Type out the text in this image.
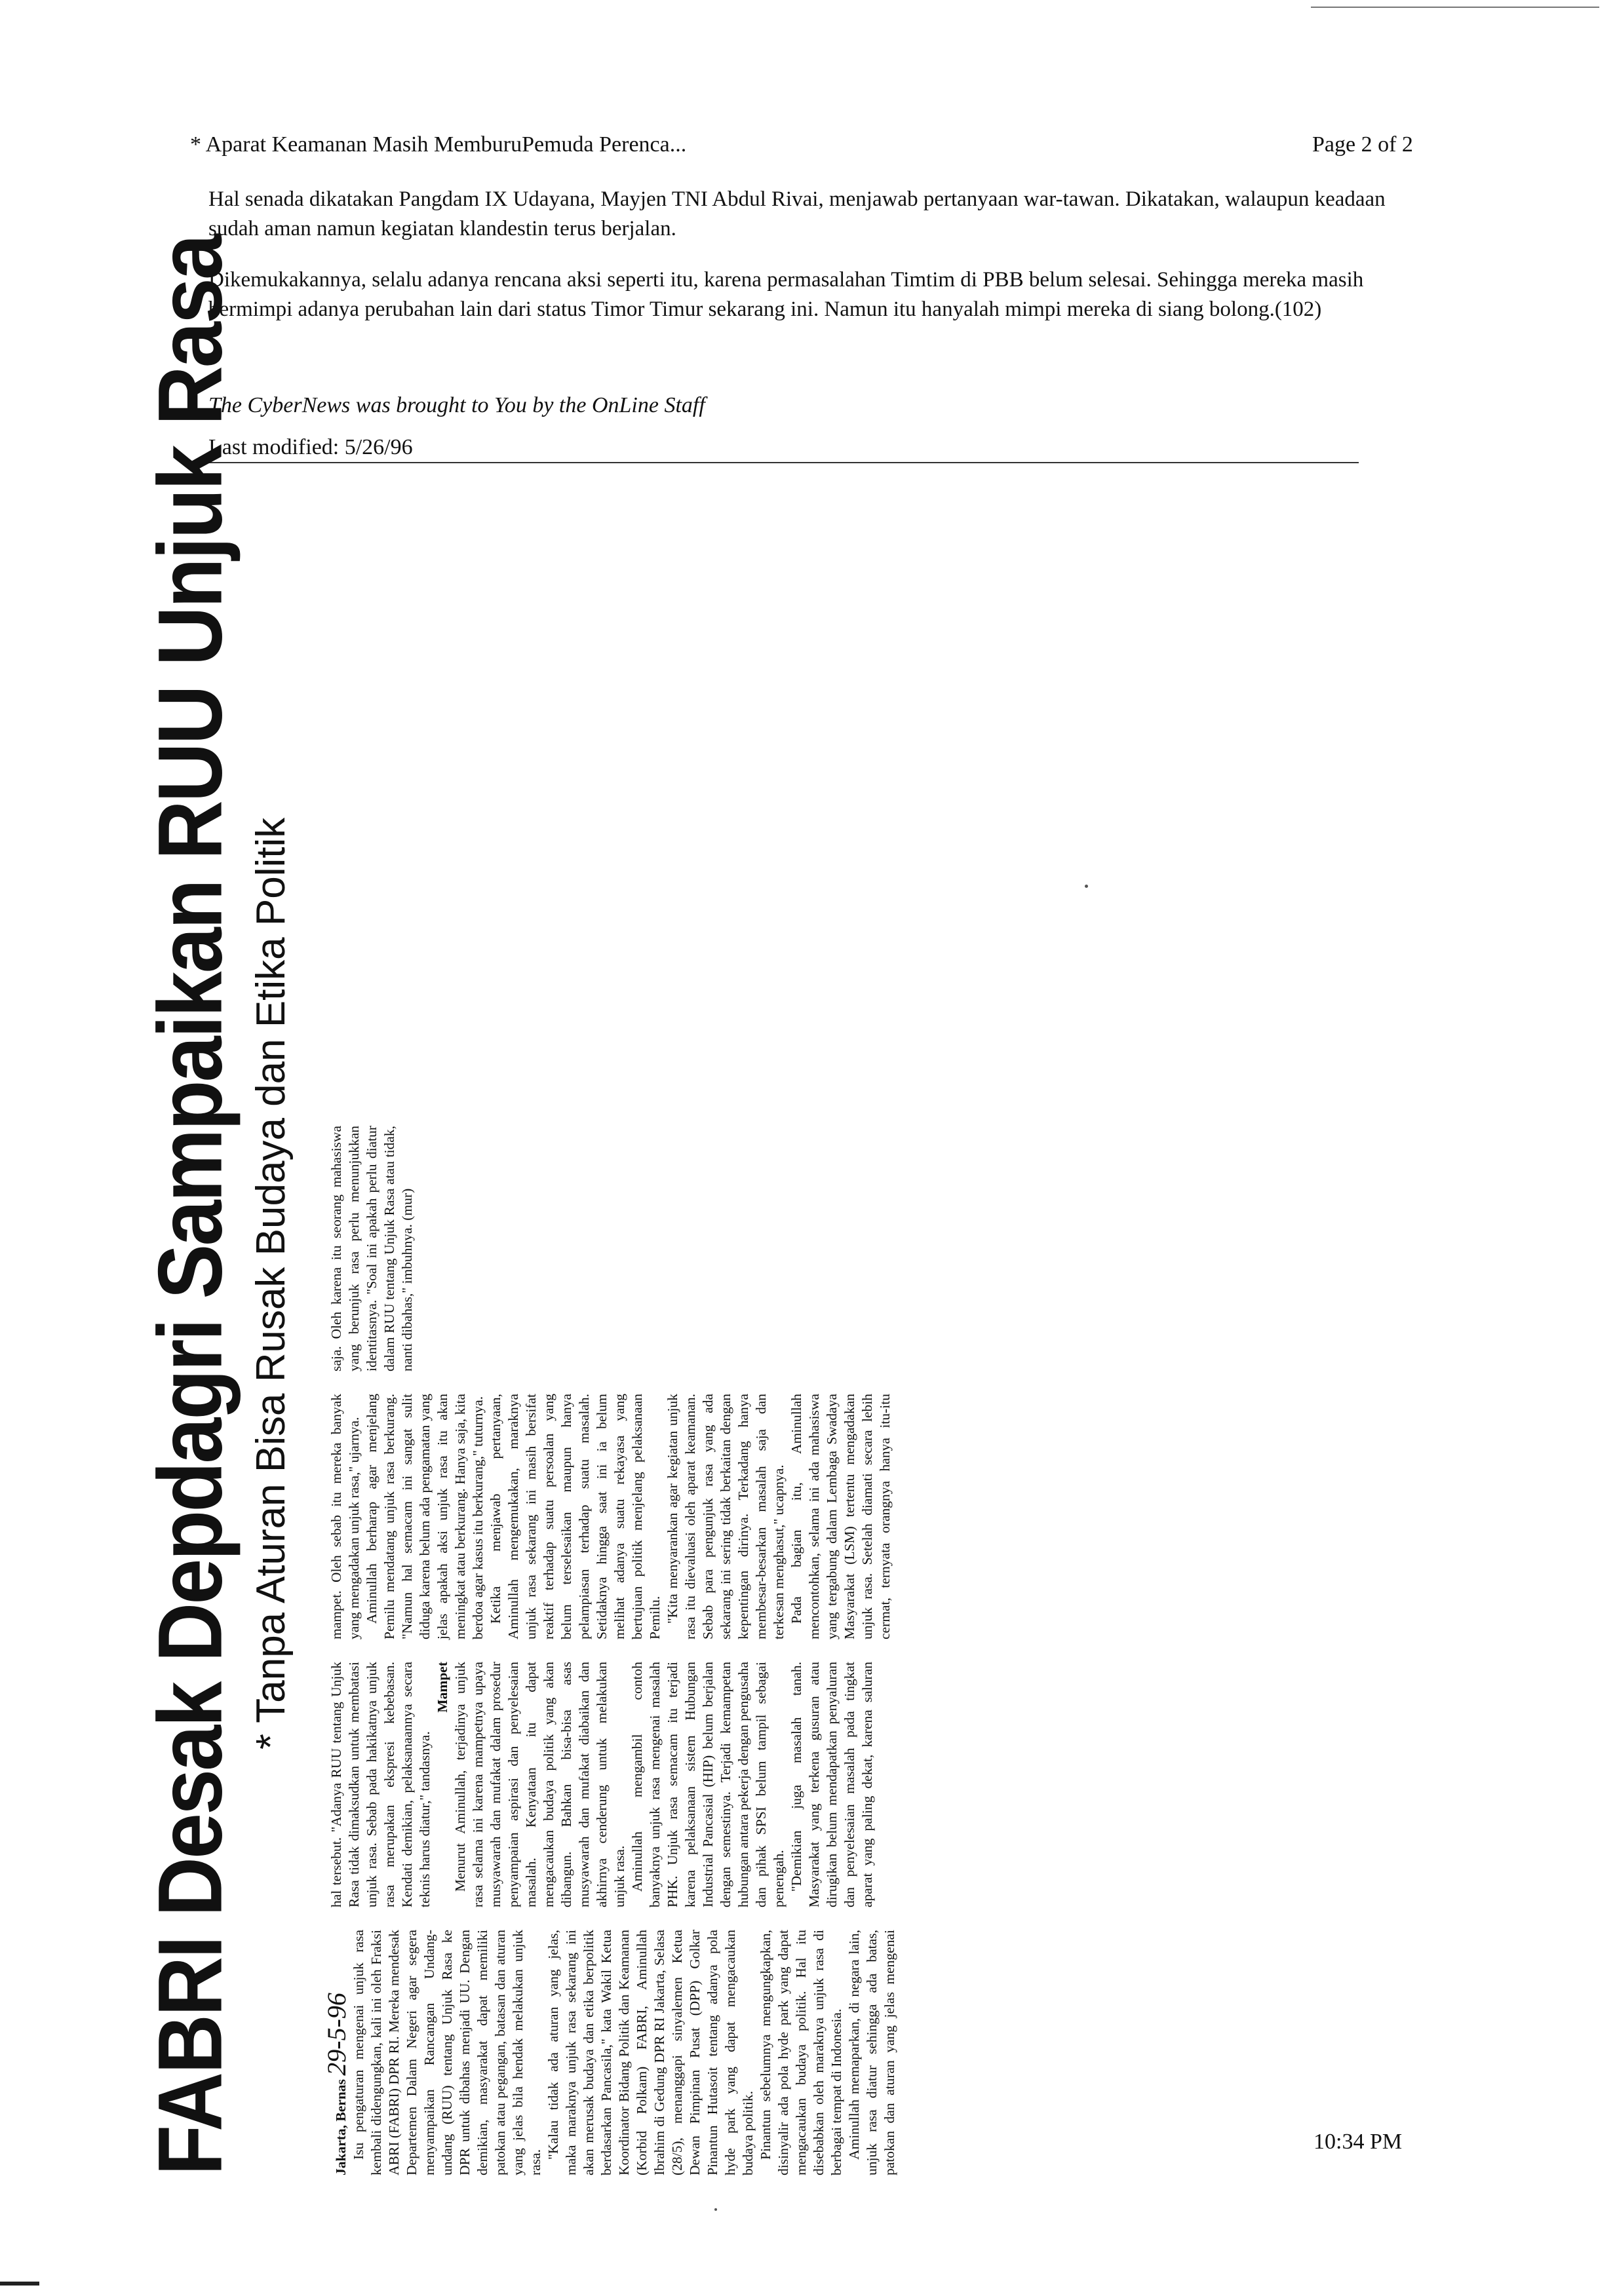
* Aparat Keamanan Masih MemburuPemuda Perenca...	Page 2 of 2

Hal senada dikatakan Pangdam IX Udayana, Mayjen TNI Abdul Rivai, menjawab pertanyaan war-tawan. Dikatakan, walaupun keadaan sudah aman namun kegiatan klandestin terus berjalan.

Dikemukakannya, selalu adanya rencana aksi seperti itu, karena permasalahan Timtim di PBB belum selesai. Sehingga mereka masih bermimpi adanya perubahan lain dari status Timor Timur sekarang ini. Namun itu hanyalah mimpi mereka di siang bolong.(102)

The CyberNews was brought to You by the OnLine Staff
Last modified: 5/26/96
FABRI Desak Depdagri Sampaikan RUU Unjuk Rasa * Tanpa Aturan Bisa Rusak Budaya dan Etika Politik

Jakarta, Bernas 29-5-96 Isu pengaturan mengenai unjuk rasa kembali didengungkan, kali ini oleh Fraksi ABRI (FABRI) DPR RI. Mereka mendesak Departemen Dalam Negeri agar segera menyampaikan Rancangan Undang-undang (RUU) tentang Unjuk Rasa ke DPR untuk dibahas menjadi UU. Dengan demikian, masyarakat dapat memiliki patokan atau pegangan, batasan dan aturan yang jelas bila hendak melakukan unjuk rasa.

"Kalau tidak ada aturan yang jelas, maka maraknya unjuk rasa sekarang ini akan merusak budaya dan etika berpolitik berdasarkan Pancasila," kata Wakil Ketua Koordinator Bidang Politik dan Keamanan (Korbid Polkam) FABRI, Aminullah Ibrahim di Gedung DPR RI Jakarta, Selasa (28/5), menanggapi sinyalemen Ketua Dewan Pimpinan Pusat (DPP) Golkar Pinantun Hutasoit tentang adanya pola hyde park yang dapat mengacaukan budaya politik. Pinantun sebelumnya mengungkapkan, disinyalir ada pola hyde park yang dapat mengacaukan budaya politik. Hal itu disebabkan oleh maraknya unjuk rasa di berbagai tempat di Indonesia. Aminullah memaparkan, di negara lain, unjuk rasa diatur sehingga ada batas, patokan dan aturan yang jelas mengenai hal tersebut. "Adanya RUU tentang Unjuk Rasa tidak dimaksudkan untuk membatasi unjuk rasa. Sebab pada hakikatnya unjuk rasa merupakan ekspresi kebebasan. Kendati demikian, pelaksanaannya secara teknis harus diatur," tandasnya.

Mampet Menurut Aminullah, terjadinya unjuk rasa selama ini karena mampetnya upaya musyawarah dan mufakat dalam prosedur penyampaian aspirasi dan penyelesaian masalah. Kenyataan itu dapat mengacaukan budaya politik yang akan dibangun. Bahkan bisa-bisa asas musyawarah dan mufakat diabaikan dan akhirnya cenderung untuk melakukan unjuk rasa. Aminullah mengambil contoh banyaknya unjuk rasa mengenai masalah PHK. Unjuk rasa semacam itu terjadi karena pelaksanaan sistem Hubungan Industrial Pancasial (HIP) belum berjalan dengan semestinya. Terjadi kemampetan hubungan antara pekerja dengan pengusaha dan pihak SPSI belum tampil sebagai penengah. "Demikian juga masalah tanah. Masyarakat yang terkena gusuran atau dirugikan belum mendapatkan penyaluran dan penyelesaian masalah pada tingkat aparat yang paling dekat, karena saluran mampet. Oleh sebab itu mereka banyak yang mengadakan unjuk rasa," ujarnya. Aminullah berharap agar menjelang Pemilu mendatang unjuk rasa berkurang. "Namun hal semacam ini sangat sulit diduga karena belum ada pengamatan yang jelas apakah aksi unjuk rasa itu akan meningkat atau berkurang. Hanya saja, kita berdoa agar kasus itu berkurang," tuturnya. Ketika menjawab pertanyaan, Aminullah mengemukakan, maraknya unjuk rasa sekarang ini masih bersifat reaktif terhadap suatu persoalan yang belum terselesaikan maupun hanya pelampiasan terhadap suatu masalah. Setidaknya hingga saat ini ia belum melihat adanya suatu rekayasa yang bertujuan politik menjelang pelaksanaan Pemilu. "Kita menyarankan agar kegiatan unjuk rasa itu dievaluasi oleh aparat keamanan. Sebab para pengunjuk rasa yang ada sekarang ini sering tidak berkaitan dengan kepentingan dirinya. Terkadang hanya membesar-besarkan masalah saja dan terkesan menghasut," ucapnya. Pada bagian itu, Aminullah mencontohkan, selama ini ada mahasiswa yang tergabung dalam Lembaga Swadaya Masyarakat (LSM) tertentu mengadakan unjuk rasa. Setelah diamati secara lebih cermat, ternyata orangnya hanya itu-itu saja. Oleh karena itu seorang mahasiswa yang berunjuk rasa perlu menunjukkan identitasnya. "Soal ini apakah perlu diatur dalam RUU tentang Unjuk Rasa atau tidak, nanti dibahas," imbuhnya. (mur)

10:34 PM
